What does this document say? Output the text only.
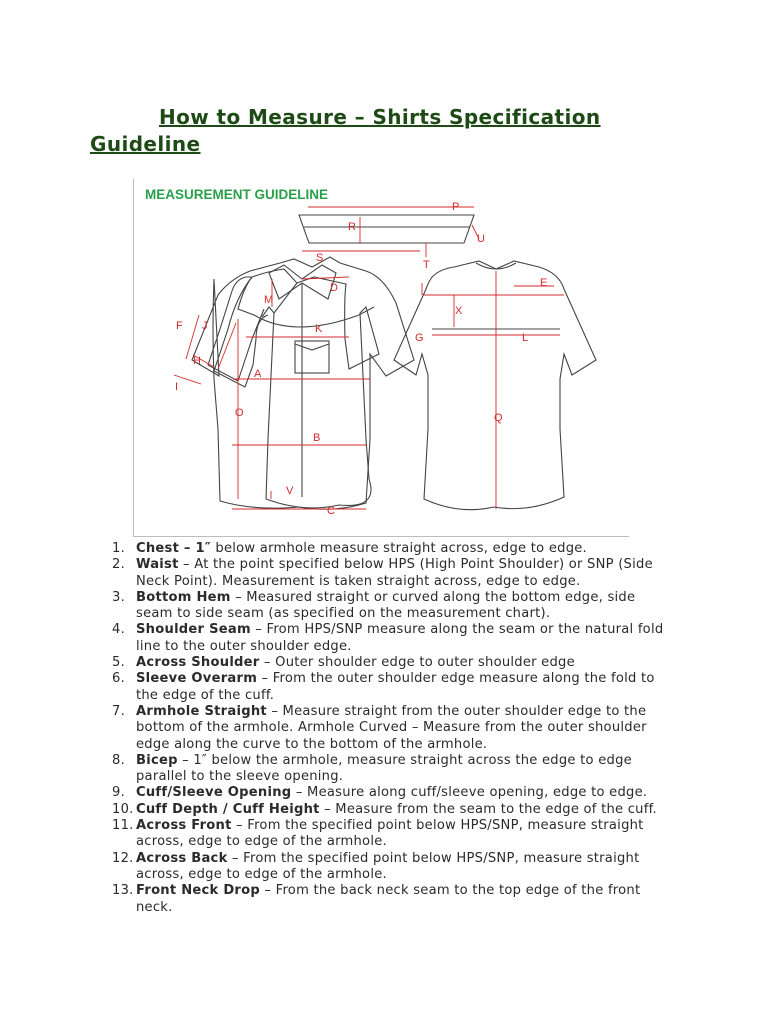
How to Measure – Shirts Specification
Guideline
MEASUREMENT GUIDELINE
P
R
U
S
T
D
M
E
X
G	L
F J	K
H
I
A
O	Q
B
V
C
1. Chest – 1″ below armhole measure straight across, edge to edge.
2. Waist – At the point specified below HPS (High Point Shoulder) or SNP (Side Neck Point). Measurement is taken straight across, edge to edge.
3. Bottom Hem – Measured straight or curved along the bottom edge, side seam to side seam (as specified on the measurement chart).
4. Shoulder Seam – From HPS/SNP measure along the seam or the natural fold line to the outer shoulder edge.
5. Across Shoulder – Outer shoulder edge to outer shoulder edge
6. Sleeve Overarm – From the outer shoulder edge measure along the fold to the edge of the cuff.
7. Armhole Straight – Measure straight from the outer shoulder edge to the bottom of the armhole. Armhole Curved – Measure from the outer shoulder edge along the curve to the bottom of the armhole.
8. Bicep – 1″ below the armhole, measure straight across the edge to edge parallel to the sleeve opening.
9. Cuff/Sleeve Opening – Measure along cuff/sleeve opening, edge to edge.
10. Cuff Depth / Cuff Height – Measure from the seam to the edge of the cuff.
11. Across Front – From the specified point below HPS/SNP, measure straight across, edge to edge of the armhole.
12. Across Back – From the specified point below HPS/SNP, measure straight across, edge to edge of the armhole.
13. Front Neck Drop – From the back neck seam to the top edge of the front neck.
